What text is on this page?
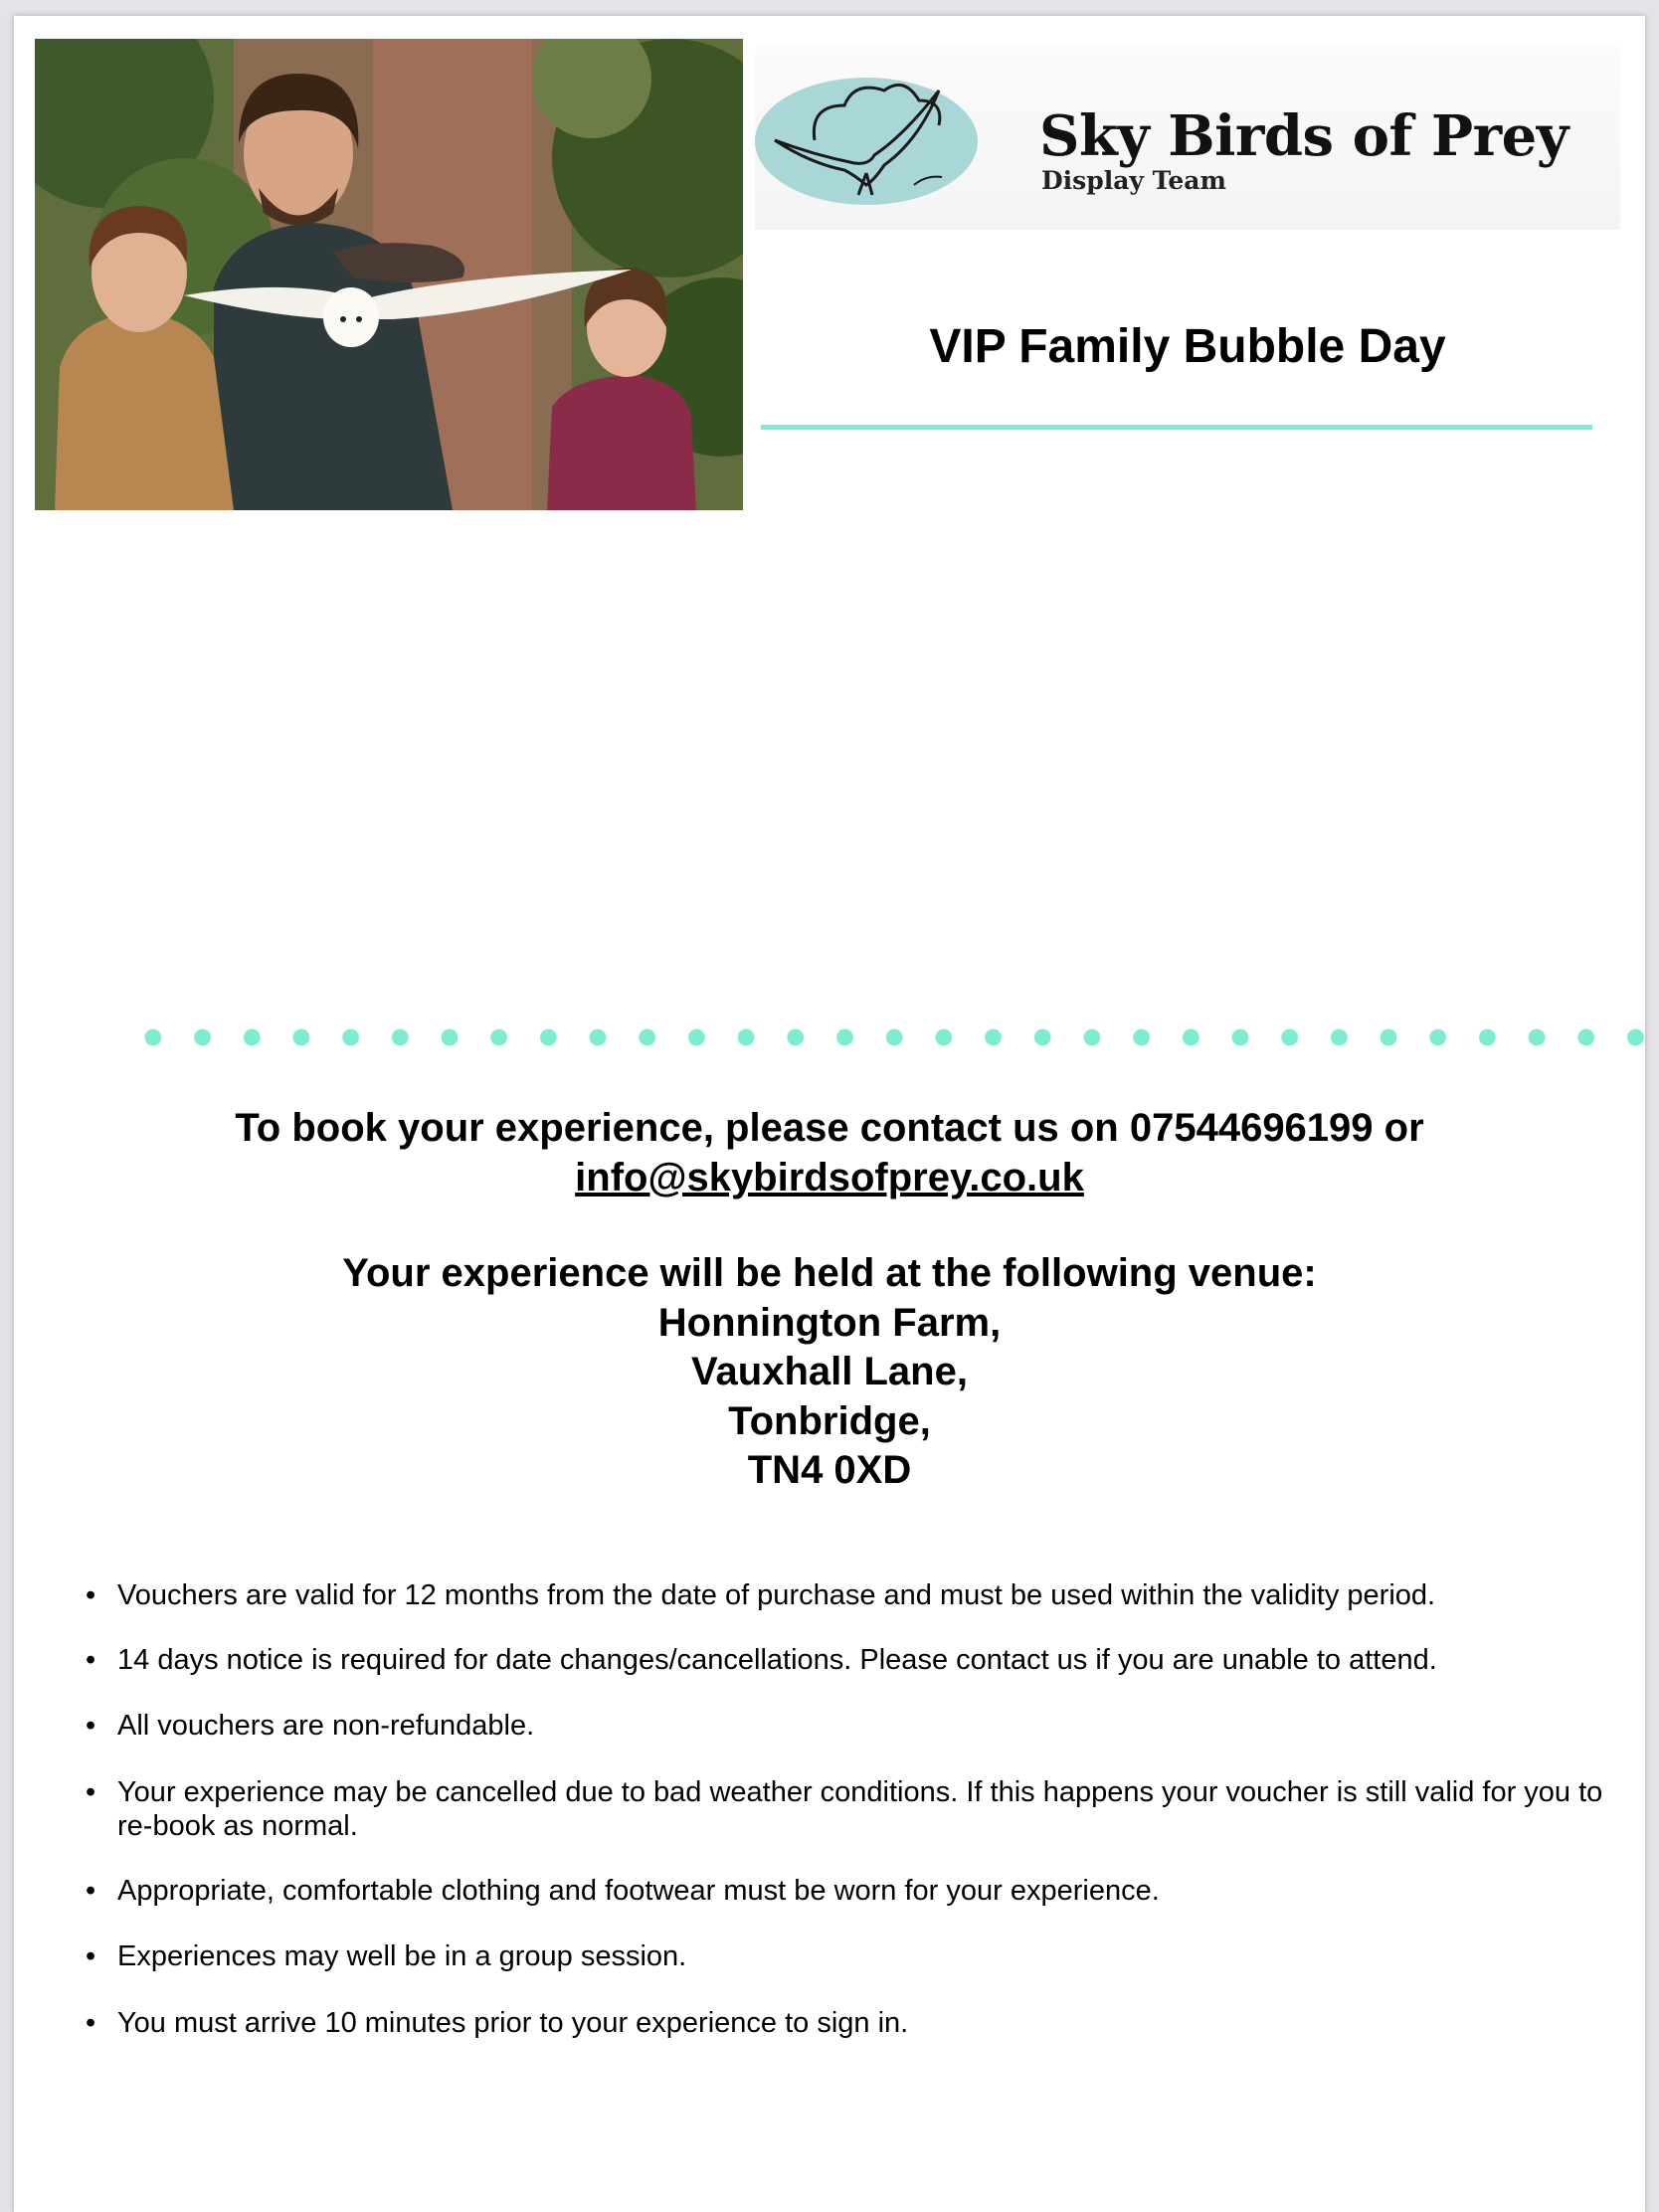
Sky Birds of Prey
Display Team
VIP Family Bubble Day
To book your experience, please contact us on 07544696199 or
info@skybirdsofprey.co.uk
Your experience will be held at the following venue:
Honnington Farm,
Vauxhall Lane,
Tonbridge,
TN4 0XD
• Vouchers are valid for 12 months from the date of purchase and must be used within the validity period.
• 14 days notice is required for date changes/cancellations. Please contact us if you are unable to attend.
• All vouchers are non-refundable.
• Your experience may be cancelled due to bad weather conditions. If this happens your voucher is still valid for you to re-book as normal.
• Appropriate, comfortable clothing and footwear must be worn for your experience.
• Experiences may well be in a group session.
• You must arrive 10 minutes prior to your experience to sign in.
